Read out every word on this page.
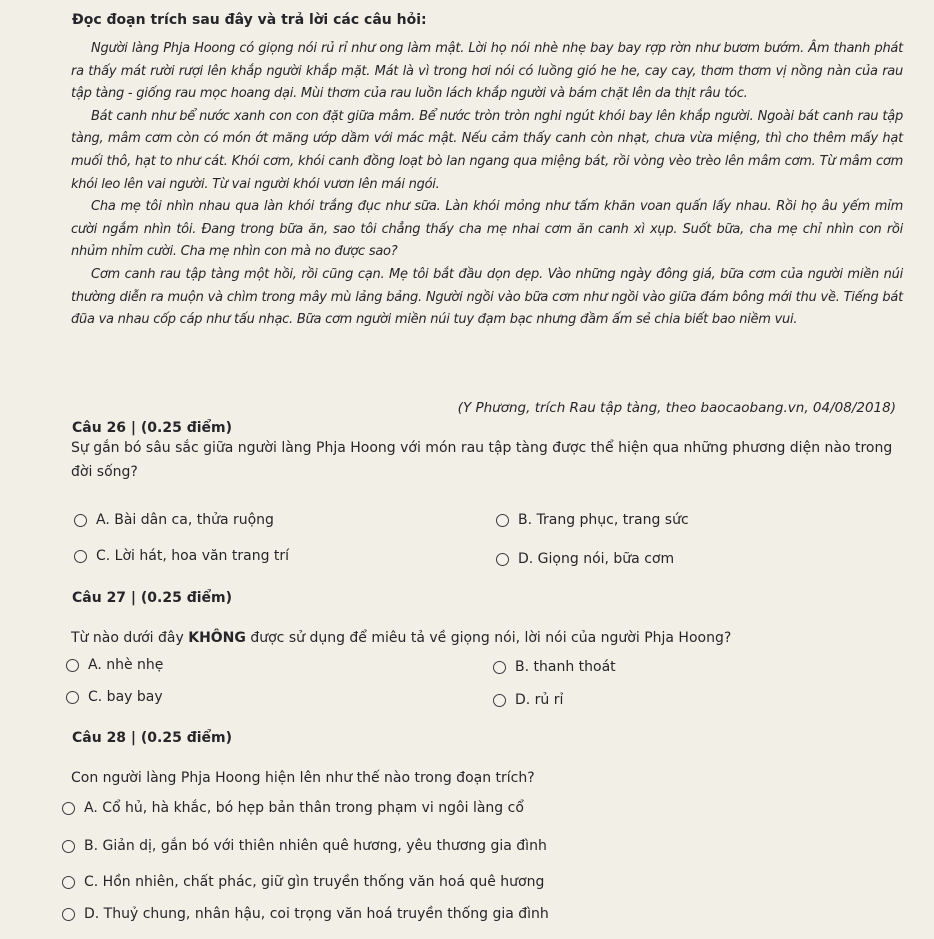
Đọc đoạn trích sau đây và trả lời các câu hỏi:

Người làng Phja Hoong có giọng nói rủ rỉ như ong làm mật. Lời họ nói nhè nhẹ bay bay rợp rờn như bươm bướm. Âm thanh phát ra thấy mát rười rượi lên khắp người khắp mặt. Mát là vì trong hơi nói có luồng gió he he, cay cay, thơm thơm vị nồng nàn của rau tập tàng - giống rau mọc hoang dại. Mùi thơm của rau luồn lách khắp người và bám chặt lên da thịt râu tóc.

Bát canh như bể nước xanh con con đặt giữa mâm. Bể nước tròn tròn nghi ngút khói bay lên khắp người. Ngoài bát canh rau tập tàng, mâm cơm còn có món ớt măng ướp dầm với mác mật. Nếu cảm thấy canh còn nhạt, chưa vừa miệng, thì cho thêm mấy hạt muối thô, hạt to như cát. Khói cơm, khói canh đồng loạt bò lan ngang qua miệng bát, rồi vòng vèo trèo lên mâm cơm. Từ mâm cơm khói leo lên vai người. Từ vai người khói vươn lên mái ngói.

Cha mẹ tôi nhìn nhau qua làn khói trắng đục như sữa. Làn khói mỏng như tấm khăn voan quấn lấy nhau. Rồi họ âu yếm mỉm cười ngắm nhìn tôi. Đang trong bữa ăn, sao tôi chẳng thấy cha mẹ nhai cơm ăn canh xì xụp. Suốt bữa, cha mẹ chỉ nhìn con rồi nhủm nhỉm cười. Cha mẹ nhìn con mà no được sao?

Cơm canh rau tập tàng một hồi, rồi cũng cạn. Mẹ tôi bắt đầu dọn dẹp. Vào những ngày đông giá, bữa cơm của người miền núi thường diễn ra muộn và chìm trong mây mù lảng bảng. Người ngồi vào bữa cơm như ngồi vào giữa đám bông mới thu về. Tiếng bát đũa va nhau cốp cáp như tấu nhạc. Bữa cơm người miền núi tuy đạm bạc nhưng đầm ấm sẻ chia biết bao niềm vui.

(Y Phương, trích Rau tập tàng, theo baocaobang.vn, 04/08/2018)
Câu 26 | (0.25 điểm)
Sự gắn bó sâu sắc giữa người làng Phja Hoong với món rau tập tàng được thể hiện qua những phương diện nào trong đời sống?
A. Bài dân ca, thửa ruộng	B. Trang phục, trang sức
C. Lời hát, hoa văn trang trí	D. Giọng nói, bữa cơm
Câu 27 | (0.25 điểm)
Từ nào dưới đây KHÔNG được sử dụng để miêu tả về giọng nói, lời nói của người Phja Hoong?
A. nhè nhẹ	B. thanh thoát
C. bay bay	D. rủ rỉ
Câu 28 | (0.25 điểm)
Con người làng Phja Hoong hiện lên như thế nào trong đoạn trích?
A. Cổ hủ, hà khắc, bó hẹp bản thân trong phạm vi ngôi làng cổ
B. Giản dị, gắn bó với thiên nhiên quê hương, yêu thương gia đình
C. Hồn nhiên, chất phác, giữ gìn truyền thống văn hoá quê hương
D. Thuỷ chung, nhân hậu, coi trọng văn hoá truyền thống gia đình
